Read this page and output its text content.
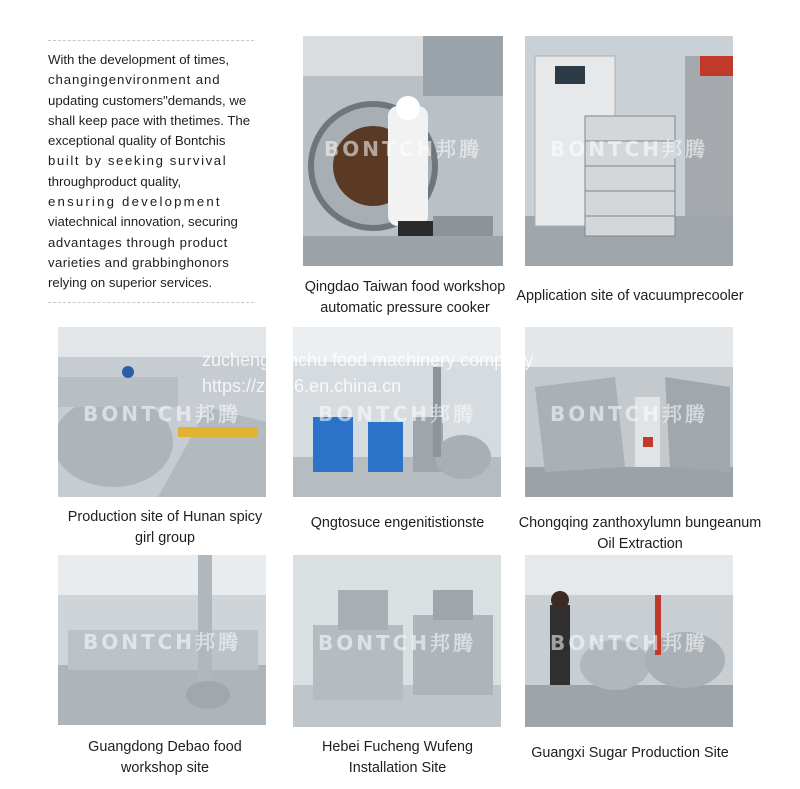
With the development of times,

changingenvironment and

updating customers"demands, we

shall keep pace with thetimes. The

exceptional quality of Bontchis

built by seeking survival

throughproduct quality,

ensuring development

viatechnical innovation, securing

advantages through product

varieties and grabbinghonors

relying on superior services.

BONTCH邦腾	BONTCH邦腾
BONTCH邦腾	BONTCH邦腾	BONTCH邦腾
BONTCH邦腾	BONTCH邦腾	BONTCH邦腾
zucheng xinchu food machinery company
https://zc156.en.china.cn
Qingdao Taiwan food workshop
automatic pressure cooker
Application site of vacuumprecooler
Production site of Hunan spicy
girl group
Qngtosuce engenitistionste	Chongqing zanthoxylumn bungeanum
Oil Extraction
Guangdong Debao food
workshop site
Hebei Fucheng Wufeng
Installation Site
Guangxi Sugar Production Site
